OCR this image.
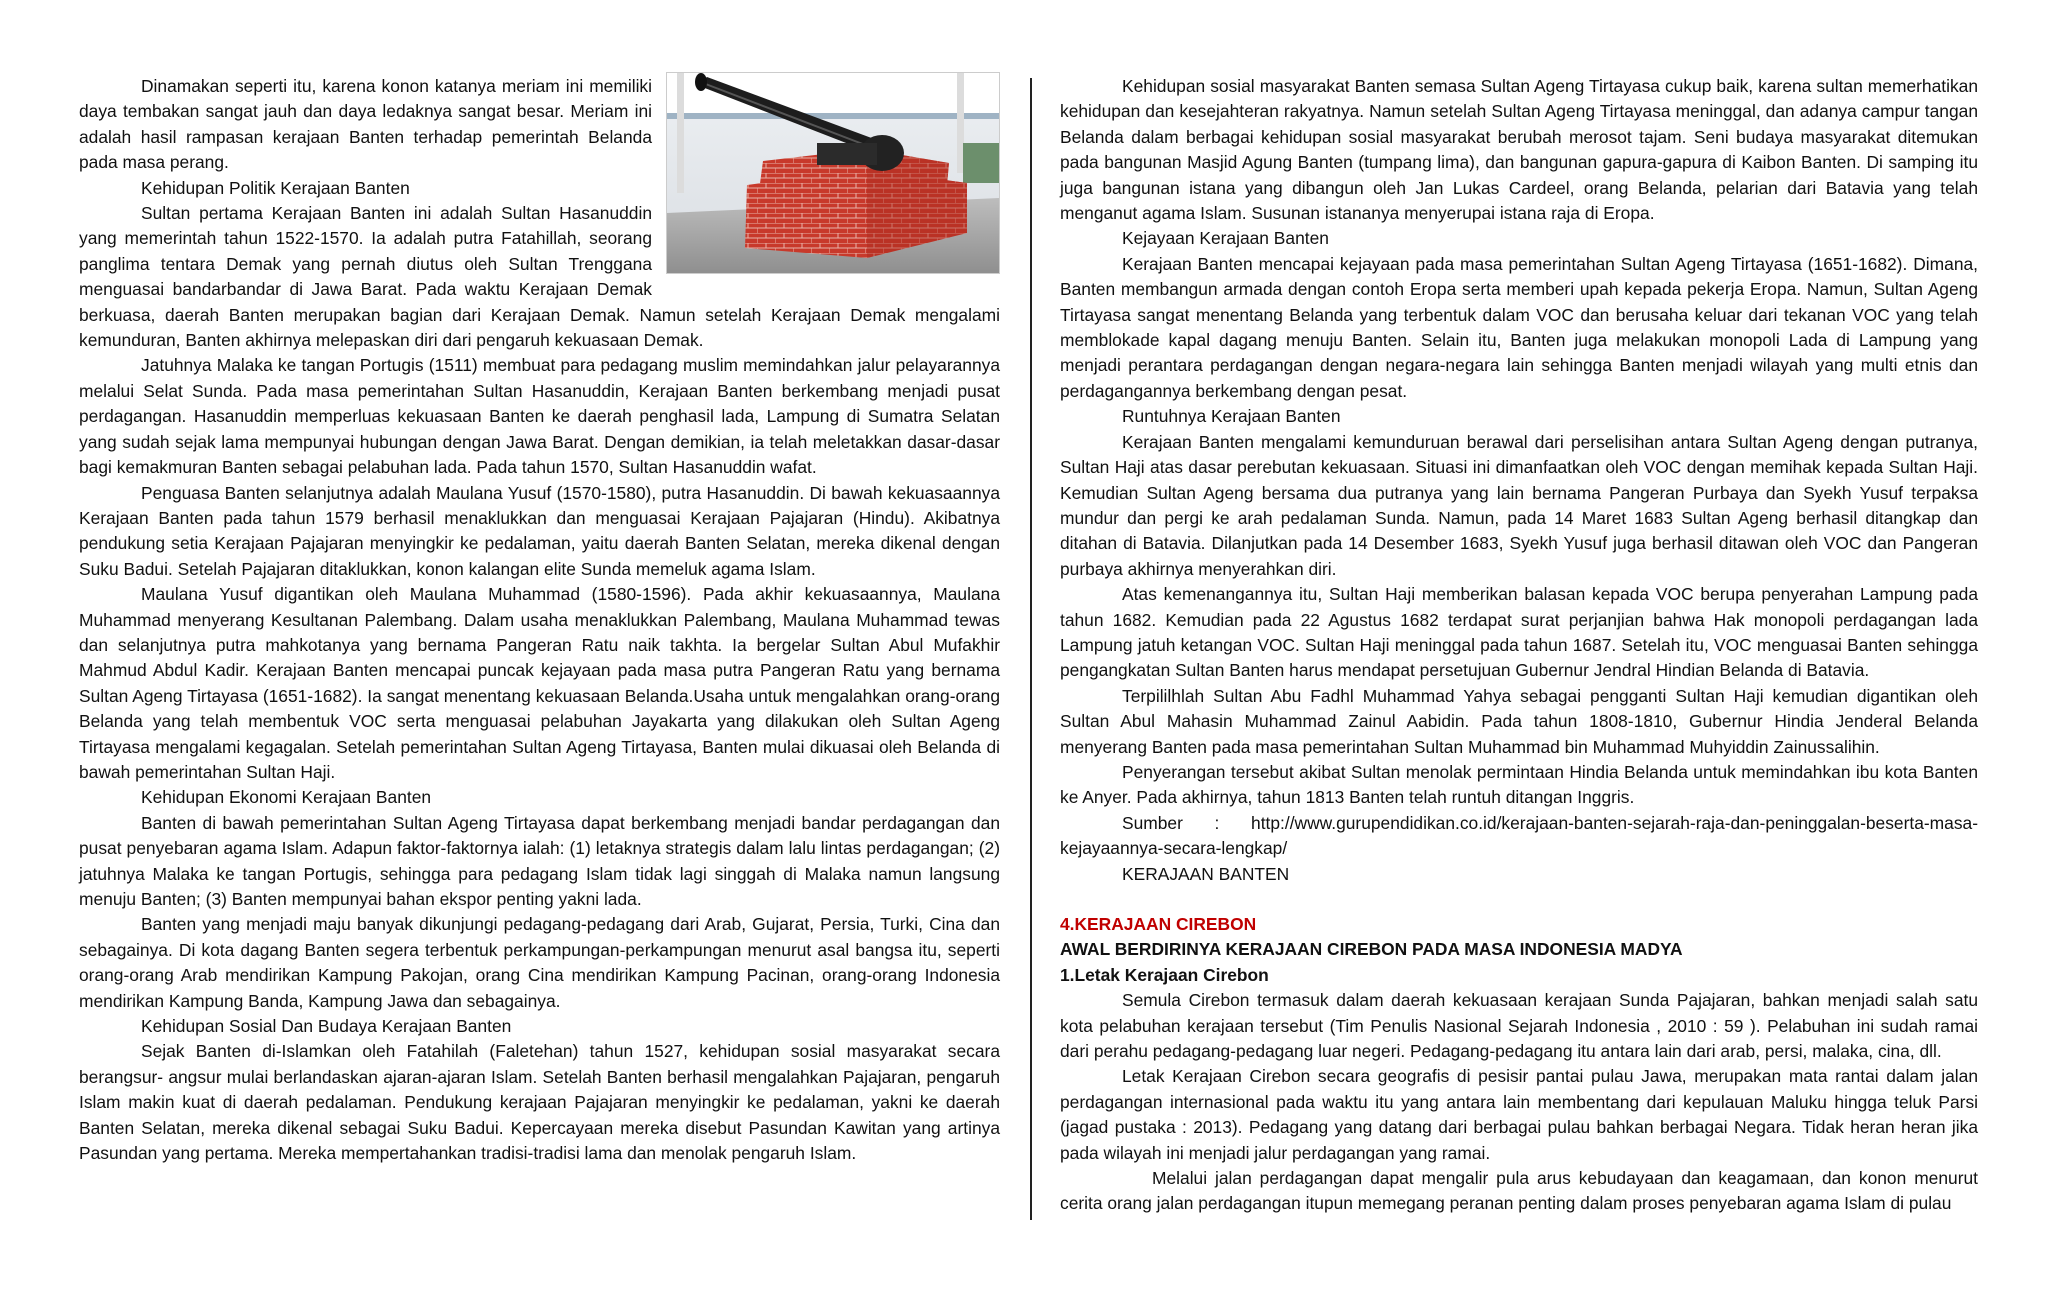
Dinamakan seperti itu, karena konon katanya meriam ini memiliki daya tembakan sangat jauh dan daya ledaknya sangat besar. Meriam ini adalah hasil rampasan kerajaan Banten terhadap pemerintah Belanda pada masa perang.

Kehidupan Politik Kerajaan Banten

Sultan pertama Kerajaan Banten ini adalah Sultan Hasanuddin yang memerintah tahun 1522-1570. Ia adalah putra Fatahillah, seorang panglima tentara Demak yang pernah diutus oleh Sultan Trenggana menguasai bandarbandar di Jawa Barat. Pada waktu Kerajaan Demak berkuasa, daerah Banten merupakan bagian dari Kerajaan Demak. Namun setelah Kerajaan Demak mengalami kemunduran, Banten akhirnya melepaskan diri dari pengaruh kekuasaan Demak.

Jatuhnya Malaka ke tangan Portugis (1511) membuat para pedagang muslim memindahkan jalur pelayarannya melalui Selat Sunda. Pada masa pemerintahan Sultan Hasanuddin, Kerajaan Banten berkembang menjadi pusat perdagangan. Hasanuddin memperluas kekuasaan Banten ke daerah penghasil lada, Lampung di Sumatra Selatan yang sudah sejak lama mempunyai hubungan dengan Jawa Barat. Dengan demikian, ia telah meletakkan dasar-dasar bagi kemakmuran Banten sebagai pelabuhan lada. Pada tahun 1570, Sultan Hasanuddin wafat.

Penguasa Banten selanjutnya adalah Maulana Yusuf (1570-1580), putra Hasanuddin. Di bawah kekuasaannya Kerajaan Banten pada tahun 1579 berhasil menaklukkan dan menguasai Kerajaan Pajajaran (Hindu). Akibatnya pendukung setia Kerajaan Pajajaran menyingkir ke pedalaman, yaitu daerah Banten Selatan, mereka dikenal dengan Suku Badui. Setelah Pajajaran ditaklukkan, konon kalangan elite Sunda memeluk agama Islam.

Maulana Yusuf digantikan oleh Maulana Muhammad (1580-1596). Pada akhir kekuasaannya, Maulana Muhammad menyerang Kesultanan Palembang. Dalam usaha menaklukkan Palembang, Maulana Muhammad tewas dan selanjutnya putra mahkotanya yang bernama Pangeran Ratu naik takhta. Ia bergelar Sultan Abul Mufakhir Mahmud Abdul Kadir. Kerajaan Banten mencapai puncak kejayaan pada masa putra Pangeran Ratu yang bernama Sultan Ageng Tirtayasa (1651-1682). Ia sangat menentang kekuasaan Belanda.Usaha untuk mengalahkan orang-orang Belanda yang telah membentuk VOC serta menguasai pelabuhan Jayakarta yang dilakukan oleh Sultan Ageng Tirtayasa mengalami kegagalan. Setelah pemerintahan Sultan Ageng Tirtayasa, Banten mulai dikuasai oleh Belanda di bawah pemerintahan Sultan Haji.

Kehidupan Ekonomi Kerajaan Banten

Banten di bawah pemerintahan Sultan Ageng Tirtayasa dapat berkembang menjadi bandar perdagangan dan pusat penyebaran agama Islam. Adapun faktor-faktornya ialah: (1) letaknya strategis dalam lalu lintas perdagangan; (2) jatuhnya Malaka ke tangan Portugis, sehingga para pedagang Islam tidak lagi singgah di Malaka namun langsung menuju Banten; (3) Banten mempunyai bahan ekspor penting yakni lada.

Banten yang menjadi maju banyak dikunjungi pedagang-pedagang dari Arab, Gujarat, Persia, Turki, Cina dan sebagainya. Di kota dagang Banten segera terbentuk perkampungan-perkampungan menurut asal bangsa itu, seperti orang-orang Arab mendirikan Kampung Pakojan, orang Cina mendirikan Kampung Pacinan, orang-orang Indonesia mendirikan Kampung Banda, Kampung Jawa dan sebagainya.

Kehidupan Sosial Dan Budaya Kerajaan Banten

Sejak Banten di-Islamkan oleh Fatahilah (Faletehan) tahun 1527, kehidupan sosial masyarakat secara berangsur- angsur mulai berlandaskan ajaran-ajaran Islam. Setelah Banten berhasil mengalahkan Pajajaran, pengaruh Islam makin kuat di daerah pedalaman. Pendukung kerajaan Pajajaran menyingkir ke pedalaman, yakni ke daerah Banten Selatan, mereka dikenal sebagai Suku Badui. Kepercayaan mereka disebut Pasundan Kawitan yang artinya Pasundan yang pertama. Mereka mempertahankan tradisi-tradisi lama dan menolak pengaruh Islam.

Kehidupan sosial masyarakat Banten semasa Sultan Ageng Tirtayasa cukup baik, karena sultan memerhatikan kehidupan dan kesejahteran rakyatnya. Namun setelah Sultan Ageng Tirtayasa meninggal, dan adanya campur tangan Belanda dalam berbagai kehidupan sosial masyarakat berubah merosot tajam. Seni budaya masyarakat ditemukan pada bangunan Masjid Agung Banten (tumpang lima), dan bangunan gapura-gapura di Kaibon Banten. Di samping itu juga bangunan istana yang dibangun oleh Jan Lukas Cardeel, orang Belanda, pelarian dari Batavia yang telah menganut agama Islam. Susunan istananya menyerupai istana raja di Eropa.

Kejayaan Kerajaan Banten

Kerajaan Banten mencapai kejayaan pada masa pemerintahan Sultan Ageng Tirtayasa (1651-1682). Dimana, Banten membangun armada dengan contoh Eropa serta memberi upah kepada pekerja Eropa. Namun, Sultan Ageng Tirtayasa sangat menentang Belanda yang terbentuk dalam VOC dan berusaha keluar dari tekanan VOC yang telah memblokade kapal dagang menuju Banten. Selain itu, Banten juga melakukan monopoli Lada di Lampung yang menjadi perantara perdagangan dengan negara-negara lain sehingga Banten menjadi wilayah yang multi etnis dan perdagangannya berkembang dengan pesat.

Runtuhnya Kerajaan Banten

Kerajaan Banten mengalami kemunduruan berawal dari perselisihan antara Sultan Ageng dengan putranya, Sultan Haji atas dasar perebutan kekuasaan. Situasi ini dimanfaatkan oleh VOC dengan memihak kepada Sultan Haji. Kemudian Sultan Ageng bersama dua putranya yang lain bernama Pangeran Purbaya dan Syekh Yusuf terpaksa mundur dan pergi ke arah pedalaman Sunda. Namun, pada 14 Maret 1683 Sultan Ageng berhasil ditangkap dan ditahan di Batavia. Dilanjutkan pada 14 Desember 1683, Syekh Yusuf juga berhasil ditawan oleh VOC dan Pangeran purbaya akhirnya menyerahkan diri.

Atas kemenangannya itu, Sultan Haji memberikan balasan kepada VOC berupa penyerahan Lampung pada tahun 1682. Kemudian pada 22 Agustus 1682 terdapat surat perjanjian bahwa Hak monopoli perdagangan lada Lampung jatuh ketangan VOC. Sultan Haji meninggal pada tahun 1687. Setelah itu, VOC menguasai Banten sehingga pengangkatan Sultan Banten harus mendapat persetujuan Gubernur Jendral Hindian Belanda di Batavia.

Terpililhlah Sultan Abu Fadhl Muhammad Yahya sebagai pengganti Sultan Haji kemudian digantikan oleh Sultan Abul Mahasin Muhammad Zainul Aabidin. Pada tahun 1808-1810, Gubernur Hindia Jenderal Belanda menyerang Banten pada masa pemerintahan Sultan Muhammad bin Muhammad Muhyiddin Zainussalihin.

Penyerangan tersebut akibat Sultan menolak permintaan Hindia Belanda untuk memindahkan ibu kota Banten ke Anyer. Pada akhirnya, tahun 1813 Banten telah runtuh ditangan Inggris.

Sumber : http://www.gurupendidikan.co.id/kerajaan-banten-sejarah-raja-dan-peninggalan-beserta-masa-kejayaannya-secara-lengkap/

KERAJAAN BANTEN

4.KERAJAAN CIREBON

AWAL BERDIRINYA KERAJAAN CIREBON PADA MASA INDONESIA MADYA

1.Letak Kerajaan Cirebon

Semula Cirebon termasuk dalam daerah kekuasaan kerajaan Sunda Pajajaran, bahkan menjadi salah satu kota pelabuhan kerajaan tersebut (Tim Penulis Nasional Sejarah Indonesia , 2010 : 59 ). Pelabuhan ini sudah ramai dari perahu pedagang-pedagang luar negeri. Pedagang-pedagang itu antara lain dari arab, persi, malaka, cina, dll.

Letak Kerajaan Cirebon secara geografis di pesisir pantai pulau Jawa, merupakan mata rantai dalam jalan perdagangan internasional pada waktu itu yang antara lain membentang dari kepulauan Maluku hingga teluk Parsi (jagad pustaka : 2013). Pedagang yang datang dari berbagai pulau bahkan berbagai Negara. Tidak heran heran jika pada wilayah ini menjadi jalur perdagangan yang ramai.

Melalui jalan perdagangan dapat mengalir pula arus kebudayaan dan keagamaan, dan konon menurut cerita orang jalan perdagangan itupun memegang peranan penting dalam proses penyebaran agama Islam di pulau
